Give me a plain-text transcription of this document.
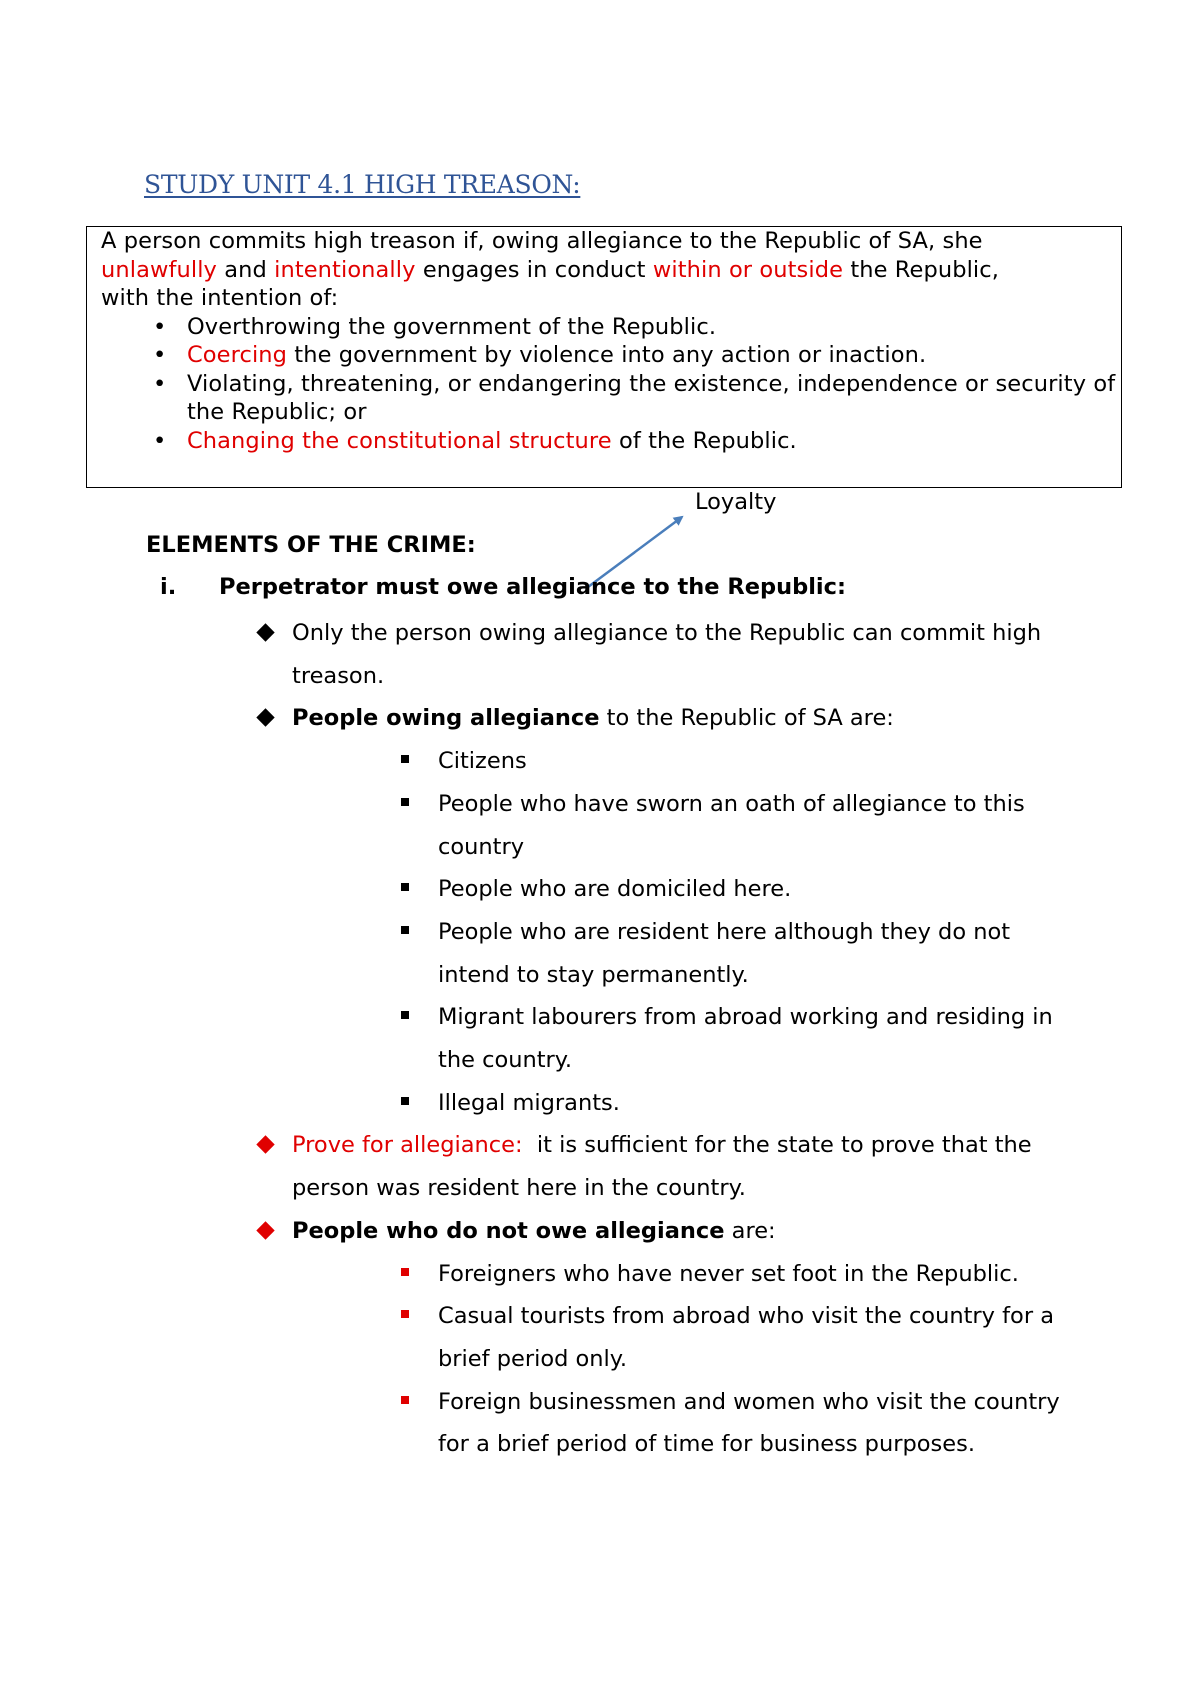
STUDY UNIT 4.1 HIGH TREASON:

A person commits high treason if, owing allegiance to the Republic of SA, she
unlawfully and intentionally engages in conduct within or outside the Republic,
with the intention of:

• Overthrowing the government of the Republic.
• Coercing the government by violence into any action or inaction.
• Violating, threatening, or endangering the existence, independence or security of the Republic; or
• Changing the constitutional structure of the Republic.
Loyalty
ELEMENTS OF THE CRIME:
i. Perpetrator must owe allegiance to the Republic:
Only the person owing allegiance to the Republic can commit high treason.
People owing allegiance to the Republic of SA are:
Citizens
People who have sworn an oath of allegiance to this country
People who are domiciled here.
People who are resident here although they do not intend to stay permanently.
Migrant labourers from abroad working and residing in the country.
Illegal migrants.
Prove for allegiance:  it is sufficient for the state to prove that the person was resident here in the country.
People who do not owe allegiance are:
Foreigners who have never set foot in the Republic.
Casual tourists from abroad who visit the country for a brief period only.
Foreign businessmen and women who visit the country for a brief period of time for business purposes.
